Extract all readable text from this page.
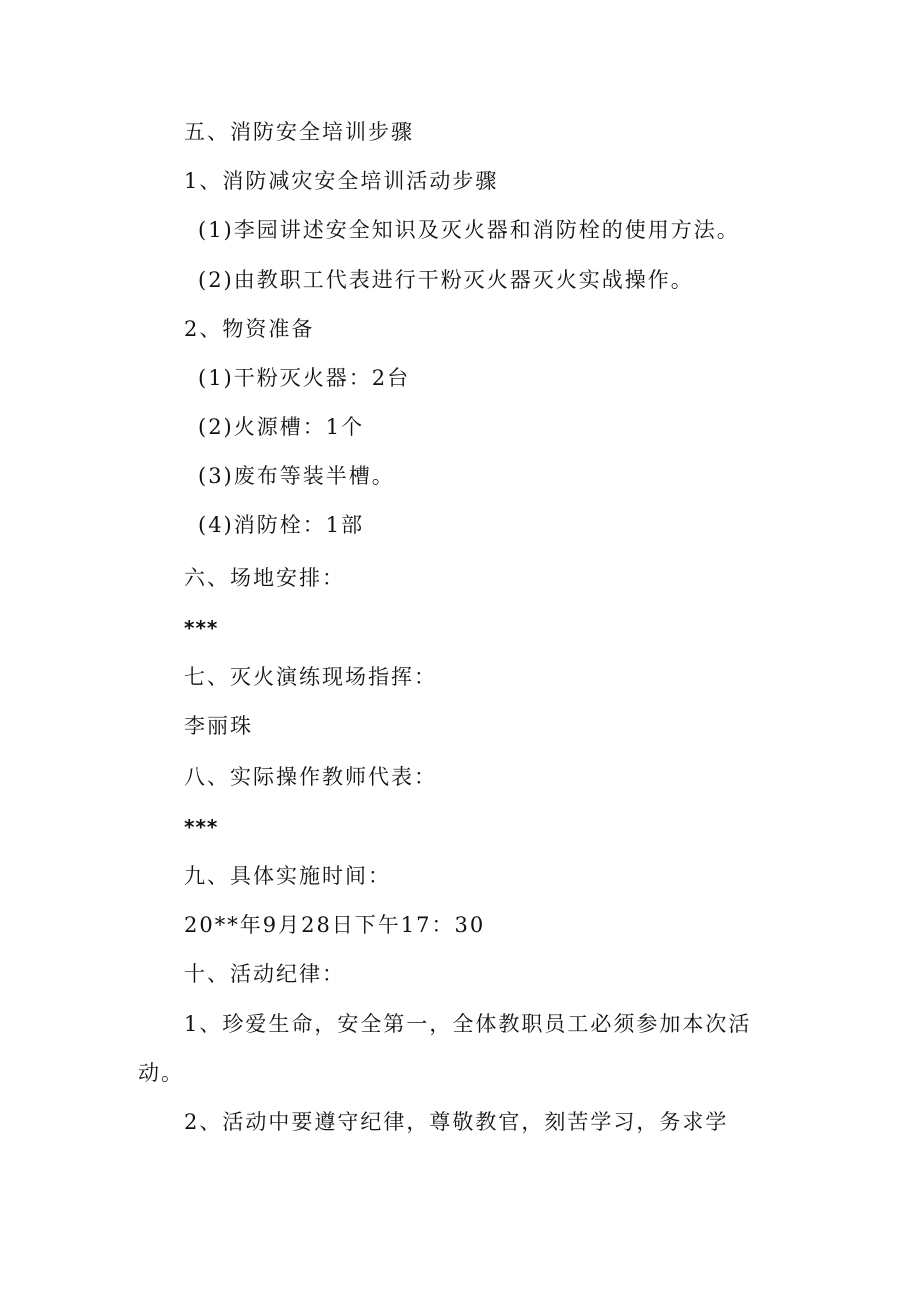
五、消防安全培训步骤
1、消防减灾安全培训活动步骤
(1)李园讲述安全知识及灭火器和消防栓的使用方法。
(2)由教职工代表进行干粉灭火器灭火实战操作。
2、物资准备
(1)干粉灭火器：2台
(2)火源槽：1个
(3)废布等装半槽。
(4)消防栓：1部
六、场地安排：
***
七、灭火演练现场指挥：
李丽珠
八、实际操作教师代表：
***
九、具体实施时间：
20**年9月28日下午17：30
十、活动纪律：
1、珍爱生命，安全第一，全体教职员工必须参加本次活
动。
2、活动中要遵守纪律，尊敬教官，刻苦学习，务求学
